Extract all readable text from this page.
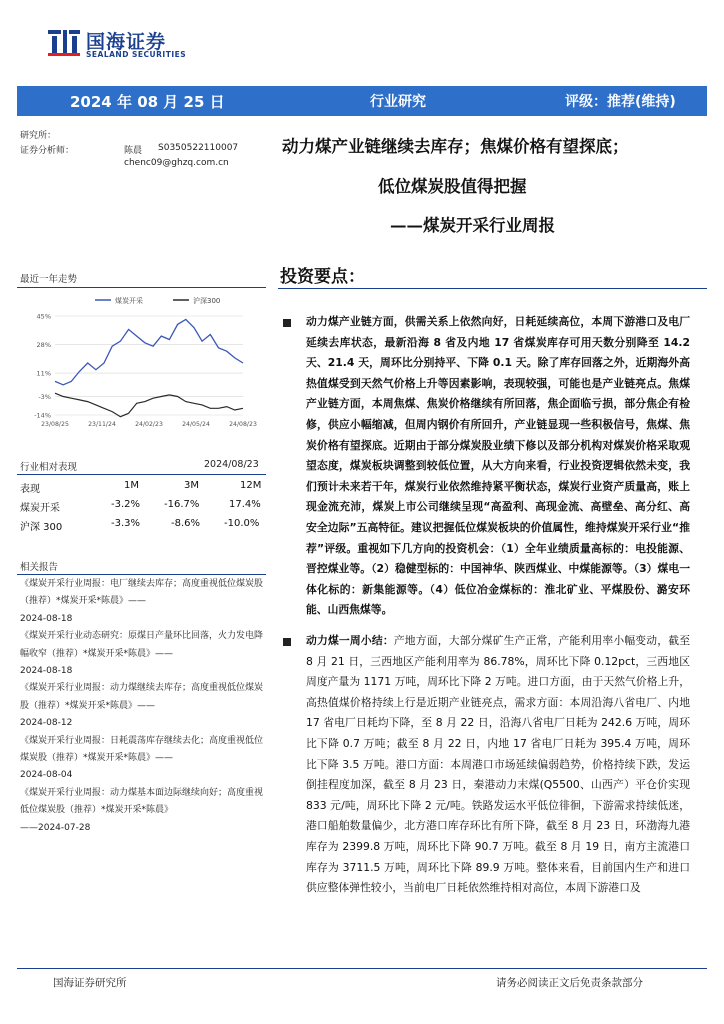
国海证券
SEALAND SECURITIES
2024 年 08 月 25 日	行业研究	评级：推荐(维持)
研究所：
证券分析师：	陈晨 S0350522110007
chenc09@ghzq.com.cn
动力煤产业链继续去库存；焦煤价格有望探底；
低位煤炭股值得把握
——煤炭开采行业周报
最近一年走势
煤炭开采	沪深300
45%
28%
11%
-3%
-14%
23/08/25	23/11/24	24/02/23	24/05/24	24/08/23
行业相对表现	2024/08/23
表现	1M	3M	12M
煤炭开采	-3.2% -16.7%	17.4%
沪深 300	-3.3%	-8.6% -10.0%
相关报告
《煤炭开采行业周报：电厂继续去库存；高度重视低位煤炭股（推荐）*煤炭开采*陈晨》——
2024-08-18
《煤炭开采行业动态研究：原煤日产量环比回落，火力发电降幅收窄（推荐）*煤炭开采*陈晨》——
2024-08-18
《煤炭开采行业周报：动力煤继续去库存；高度重视低位煤炭股（推荐）*煤炭开采*陈晨》——
2024-08-12
《煤炭开采行业周报：日耗震荡库存继续去化；高度重视低位煤炭股（推荐）*煤炭开采*陈晨》——
2024-08-04
《煤炭开采行业周报：动力煤基本面边际继续向好；高度重视低位煤炭股（推荐）*煤炭开采*陈晨》
——2024-07-28
投资要点：

动力煤产业链方面，供需关系上依然向好，日耗延续高位，本周下游港口及电厂延续去库状态，最新沿海 8 省及内地 17 省煤炭库存可用天数分别降至 14.2 天、21.4 天，周环比分别持平、下降 0.1 天。除了库存回落之外，近期海外高热值煤受到天然气价格上升等因素影响，表现较强，可能也是产业链亮点。焦煤产业链方面，本周焦煤、焦炭价格继续有所回落，焦企面临亏损，部分焦企有检修，供应小幅缩减，但周内钢价有所回升，产业链显现一些积极信号，焦煤、焦炭价格有望探底。近期由于部分煤炭股业绩下修以及部分机构对煤炭价格采取观望态度，煤炭板块调整到较低位置，从大方向来看，行业投资逻辑依然未变，我们预计未来若干年，煤炭行业依然维持紧平衡状态，煤炭行业资产质量高，账上现金流充沛，煤炭上市公司继续呈现“高盈利、高现金流、高壁垒、高分红、高安全边际”五高特征。建议把握低位煤炭板块的价值属性，维持煤炭开采行业“推荐”评级。重视如下几方向的投资机会：（1）全年业绩质量高标的：电投能源、晋控煤业等。（2）稳健型标的：中国神华、陕西煤业、中煤能源等。（3）煤电一体化标的：新集能源等。（4）低位冶金煤标的：淮北矿业、平煤股份、潞安环能、山西焦煤等。

动力煤一周小结：产地方面，大部分煤矿生产正常，产能利用率小幅变动，截至 8 月 21 日，三西地区产能利用率为 86.78%，周环比下降 0.12pct，三西地区周度产量为 1171 万吨，周环比下降 2 万吨。进口方面，由于天然气价格上升，高热值煤价格持续上行是近期产业链亮点，需求方面：本周沿海八省电厂、内地 17 省电厂日耗均下降，至 8 月 22 日，沿海八省电厂日耗为 242.6 万吨，周环比下降 0.7 万吨；截至 8 月 22 日，内地 17 省电厂日耗为 395.4 万吨，周环比下降 3.5 万吨。港口方面：本周港口市场延续偏弱趋势，价格持续下跌，发运倒挂程度加深，截至 8 月 23 日，秦港动力末煤(Q5500、山西产）平仓价实现 833 元/吨，周环比下降 2 元/吨。铁路发运水平低位徘徊，下游需求持续低迷，港口船舶数量偏少，北方港口库存环比有所下降，截至 8 月 23 日，环渤海九港库存为 2399.8 万吨，周环比下降 90.7 万吨。截至 8 月 19 日，南方主流港口库存为 3711.5 万吨，周环比下降 89.9 万吨。整体来看，目前国内生产和进口供应整体弹性较小，当前电厂日耗依然维持相对高位，本周下游港口及

国海证券研究所	请务必阅读正文后免责条款部分
